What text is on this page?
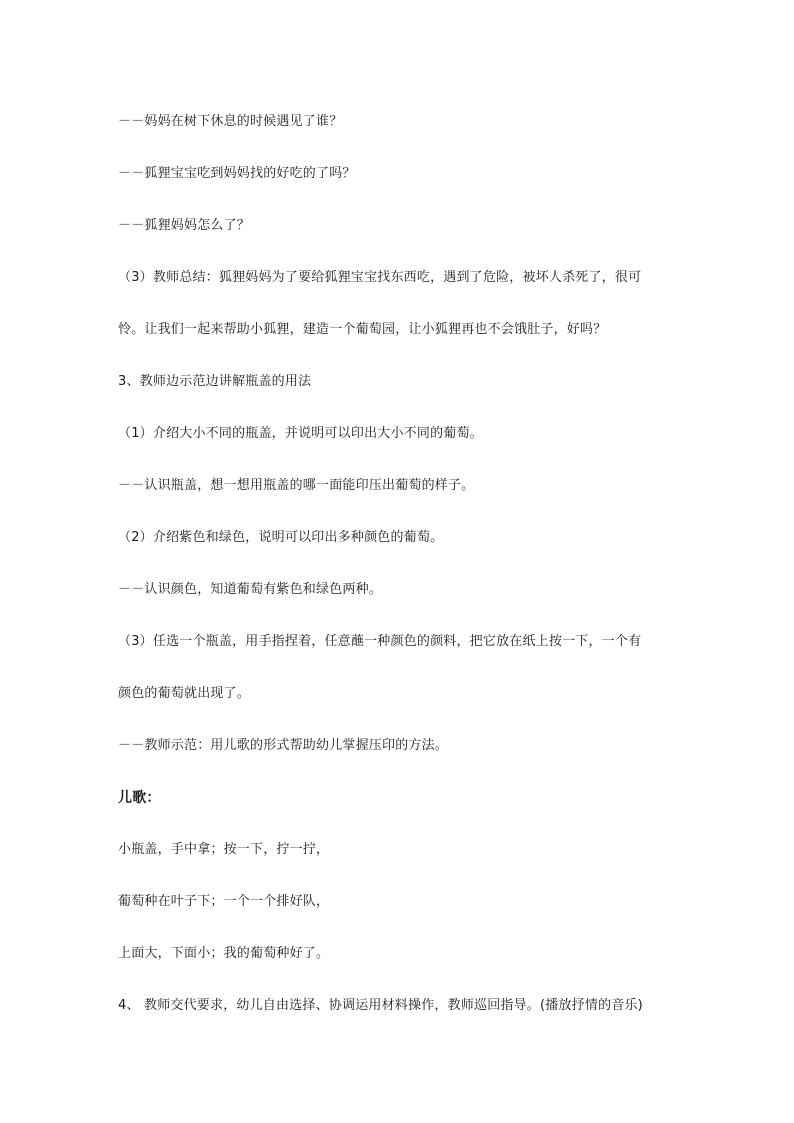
－－妈妈在树下休息的时候遇见了谁？
－－狐狸宝宝吃到妈妈找的好吃的了吗？
－－狐狸妈妈怎么了？
（3）教师总结：狐狸妈妈为了要给狐狸宝宝找东西吃，遇到了危险，被坏人杀死了，很可
怜。让我们一起来帮助小狐狸，建造一个葡萄园，让小狐狸再也不会饿肚子，好吗？
3、教师边示范边讲解瓶盖的用法
（1）介绍大小不同的瓶盖，并说明可以印出大小不同的葡萄。
－－认识瓶盖，想一想用瓶盖的哪一面能印压出葡萄的样子。
（2）介绍紫色和绿色，说明可以印出多种颜色的葡萄。
－－认识颜色，知道葡萄有紫色和绿色两种。
（3）任选一个瓶盖，用手指捏着，任意蘸一种颜色的颜料，把它放在纸上按一下，一个有
颜色的葡萄就出现了。
－－教师示范：用儿歌的形式帮助幼儿掌握压印的方法。
儿歌：
小瓶盖，手中拿；按一下，拧一拧，
葡萄种在叶子下；一个一个排好队，
上面大，下面小；我的葡萄种好了。
4、 教师交代要求，幼儿自由选择、协调运用材料操作，教师巡回指导。(播放抒情的音乐)
